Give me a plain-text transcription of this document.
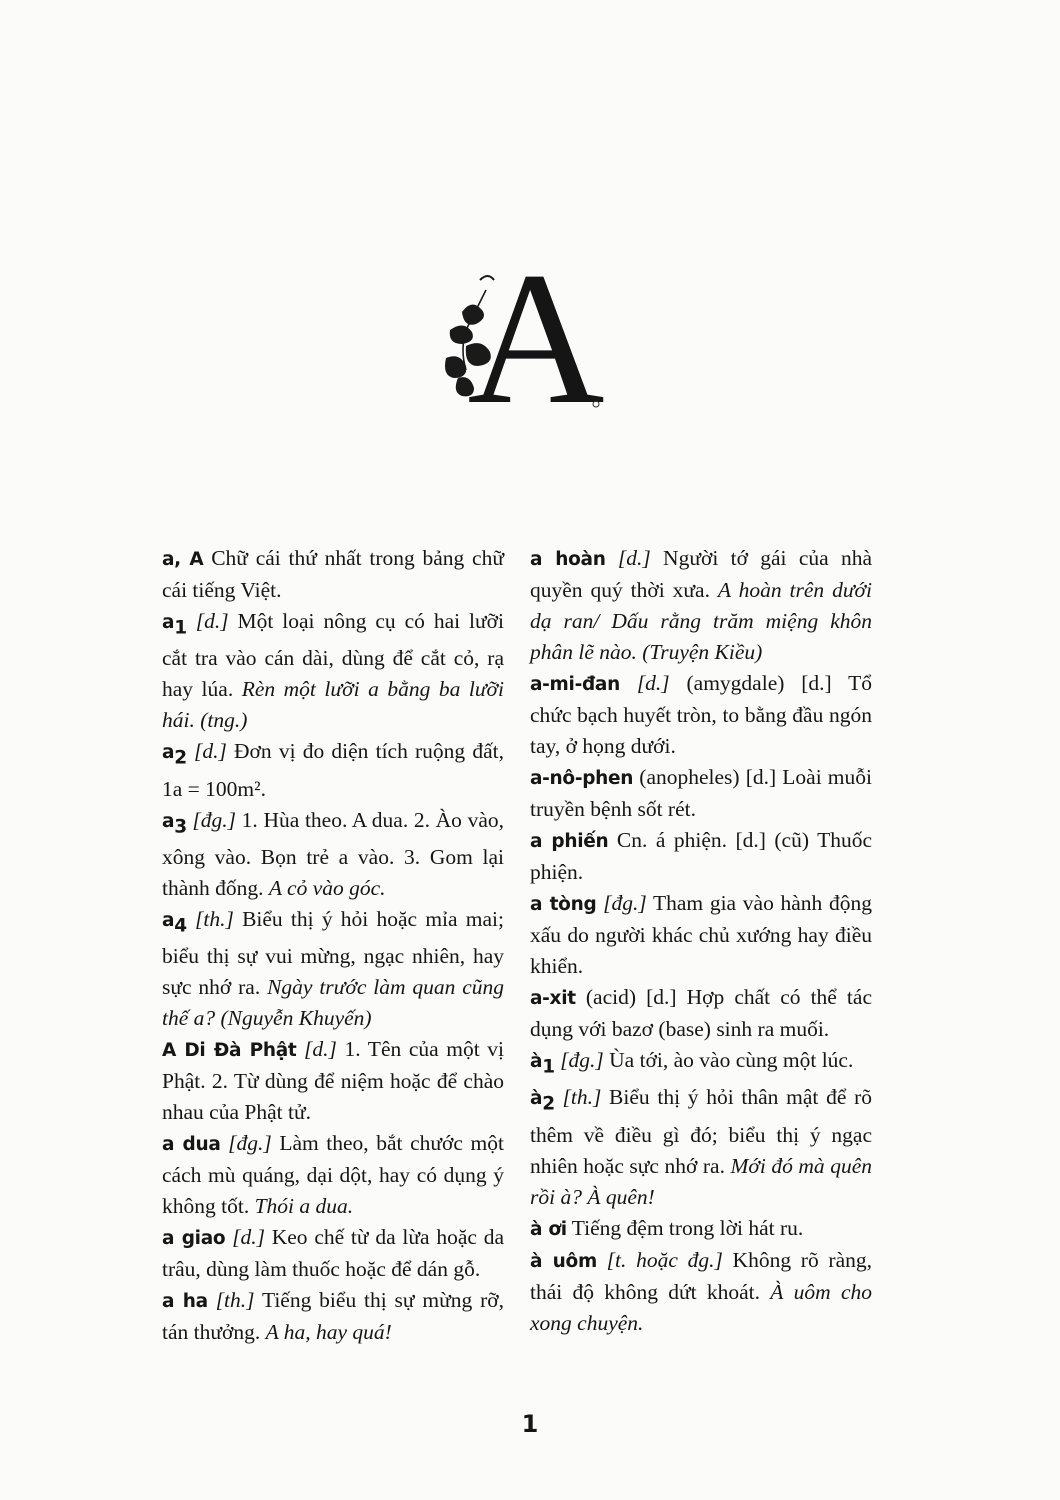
A

a, A Chữ cái thứ nhất trong bảng chữ cái tiếng Việt.

$a_1$ [d.] Một loại nông cụ có hai lưỡi cắt tra vào cán dài, dùng để cắt cỏ, rạ hay lúa. Rèn một lưỡi a bằng ba lưỡi hái. (tng.)

$a_2$ [d.] Đơn vị đo diện tích ruộng đất, 1a = 100m².

$a_3$ [đg.] 1. Hùa theo. A dua. 2. Ào vào, xông vào. Bọn trẻ a vào. 3. Gom lại thành đống. A cỏ vào góc.

$a_4$ [th.] Biểu thị ý hỏi hoặc mỉa mai; biểu thị sự vui mừng, ngạc nhiên, hay sực nhớ ra. Ngày trước làm quan cũng thế a? (Nguyễn Khuyến)

A Di Đà Phật [d.] 1. Tên của một vị Phật. 2. Từ dùng để niệm hoặc để chào nhau của Phật tử.

a dua [đg.] Làm theo, bắt chước một cách mù quáng, dại dột, hay có dụng ý không tốt. Thói a dua.

a giao [d.] Keo chế từ da lừa hoặc da trâu, dùng làm thuốc hoặc để dán gỗ.

a ha [th.] Tiếng biểu thị sự mừng rỡ, tán thưởng. A ha, hay quá!

a hoàn [d.] Người tớ gái của nhà quyền quý thời xưa. A hoàn trên dưới dạ ran/ Dấu rằng trăm miệng khôn phân lẽ nào. (Truyện Kiều)

a-mi-đan [d.] (amygdale) [d.] Tổ chức bạch huyết tròn, to bằng đầu ngón tay, ở họng dưới.

a-nô-phen (anopheles) [d.] Loài muỗi truyền bệnh sốt rét.

a phiến Cn. á phiện. [d.] (cũ) Thuốc phiện.

a tòng [đg.] Tham gia vào hành động xấu do người khác chủ xướng hay điều khiển.

a-xit (acid) [d.] Hợp chất có thể tác dụng với bazơ (base) sinh ra muối.

$à_1$ [đg.] Ùa tới, ào vào cùng một lúc.

$à_2$ [th.] Biểu thị ý hỏi thân mật để rõ thêm về điều gì đó; biểu thị ý ngạc nhiên hoặc sực nhớ ra. Mới đó mà quên rồi à? À quên!

à ơi Tiếng đệm trong lời hát ru.

à uôm [t. hoặc đg.] Không rõ ràng, thái độ không dứt khoát. À uôm cho xong chuyện.

1
